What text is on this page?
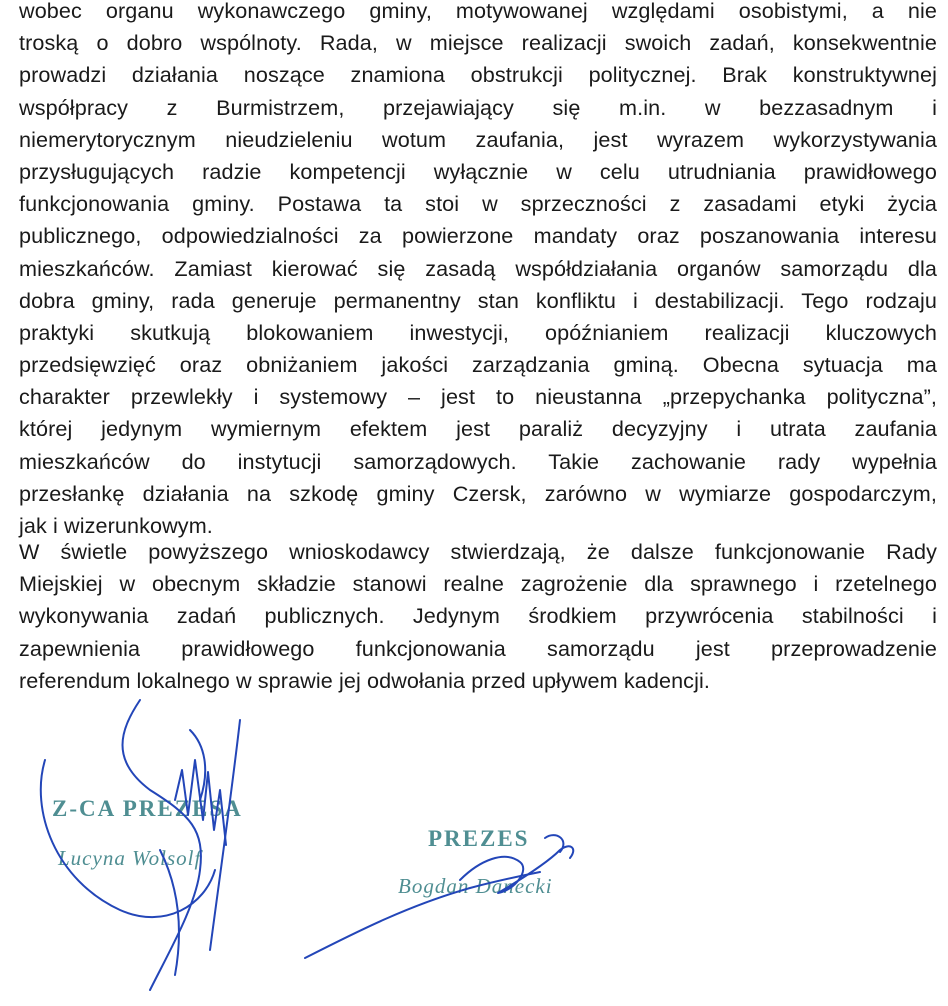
wobec organu wykonawczego gminy, motywowanej względami osobistymi, a nie
troską o dobro wspólnoty. Rada, w miejsce realizacji swoich zadań, konsekwentnie
prowadzi działania noszące znamiona obstrukcji politycznej. Brak konstruktywnej
współpracy z Burmistrzem, przejawiający się m.in. w bezzasadnym i
niemerytorycznym nieudzieleniu wotum zaufania, jest wyrazem wykorzystywania
przysługujących radzie kompetencji wyłącznie w celu utrudniania prawidłowego
funkcjonowania gminy. Postawa ta stoi w sprzeczności z zasadami etyki życia
publicznego, odpowiedzialności za powierzone mandaty oraz poszanowania interesu
mieszkańców. Zamiast kierować się zasadą współdziałania organów samorządu dla
dobra gminy, rada generuje permanentny stan konfliktu i destabilizacji. Tego rodzaju
praktyki skutkują blokowaniem inwestycji, opóźnianiem realizacji kluczowych
przedsięwzięć oraz obniżaniem jakości zarządzania gminą. Obecna sytuacja ma
charakter przewlekły i systemowy – jest to nieustanna „przepychanka polityczna”,
której jedynym wymiernym efektem jest paraliż decyzyjny i utrata zaufania
mieszkańców do instytucji samorządowych. Takie zachowanie rady wypełnia
przesłankę działania na szkodę gminy Czersk, zarówno w wymiarze gospodarczym,
jak i wizerunkowym.
W świetle powyższego wnioskodawcy stwierdzają, że dalsze funkcjonowanie Rady
Miejskiej w obecnym składzie stanowi realne zagrożenie dla sprawnego i rzetelnego
wykonywania zadań publicznych. Jedynym środkiem przywrócenia stabilności i
zapewnienia prawidłowego funkcjonowania samorządu jest przeprowadzenie
referendum lokalnego w sprawie jej odwołania przed upływem kadencji.
Z-CA PREZESA
Lucyna Wolsolf
PREZES
Bogdan Danecki
